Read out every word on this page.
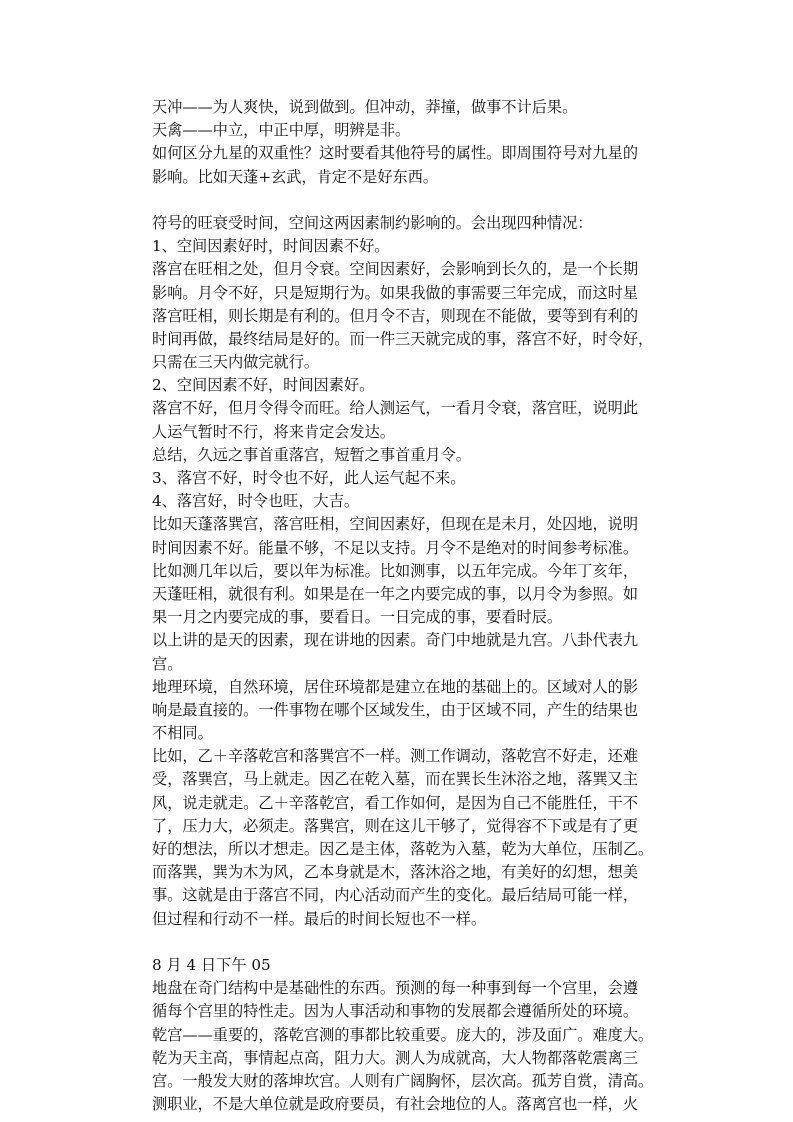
天冲——为人爽快，说到做到。但冲动，莽撞，做事不计后果。

天禽——中立，中正中厚，明辨是非。

如何区分九星的双重性？这时要看其他符号的属性。即周围符号对九星的

影响。比如天蓬+玄武，肯定不是好东西。

符号的旺衰受时间，空间这两因素制约影响的。会出现四种情况：

1、空间因素好时，时间因素不好。

落宫在旺相之处，但月令衰。空间因素好，会影响到长久的，是一个长期

影响。月令不好，只是短期行为。如果我做的事需要三年完成，而这时星

落宫旺相，则长期是有利的。但月令不吉，则现在不能做，要等到有利的

时间再做，最终结局是好的。而一件三天就完成的事，落宫不好，时令好，

只需在三天内做完就行。

2、空间因素不好，时间因素好。

落宫不好，但月令得令而旺。给人测运气，一看月令衰，落宫旺，说明此

人运气暂时不行，将来肯定会发达。

总结，久远之事首重落宫，短暂之事首重月令。

3、落宫不好，时令也不好，此人运气起不来。

4、落宫好，时令也旺，大吉。

比如天蓬落巽宫，落宫旺相，空间因素好，但现在是未月，处囚地，说明

时间因素不好。能量不够，不足以支持。月令不是绝对的时间参考标准。

比如测几年以后，要以年为标准。比如测事，以五年完成。今年丁亥年，

天蓬旺相，就很有利。如果是在一年之内要完成的事，以月令为参照。如

果一月之内要完成的事，要看日。一日完成的事，要看时辰。

以上讲的是天的因素，现在讲地的因素。奇门中地就是九宫。八卦代表九

宫。

地理环境，自然环境，居住环境都是建立在地的基础上的。区域对人的影

响是最直接的。一件事物在哪个区域发生，由于区域不同，产生的结果也

不相同。

比如，乙＋辛落乾宫和落巽宫不一样。测工作调动，落乾宫不好走，还难

受，落巽宫，马上就走。因乙在乾入墓，而在巽长生沐浴之地，落巽又主

风，说走就走。乙＋辛落乾宫，看工作如何，是因为自己不能胜任，干不

了，压力大，必须走。落巽宫，则在这儿干够了，觉得容不下或是有了更

好的想法，所以才想走。因乙是主体，落乾为入墓，乾为大单位，压制乙。

而落巽，巽为木为风，乙本身就是木，落沐浴之地，有美好的幻想，想美

事。这就是由于落宫不同，内心活动而产生的变化。最后结局可能一样，

但过程和行动不一样。最后的时间长短也不一样。

8 月 4 日下午 05

地盘在奇门结构中是基础性的东西。预测的每一种事到每一个宫里，会遵

循每个宫里的特性走。因为人事活动和事物的发展都会遵循所处的环境。

乾宫——重要的，落乾宫测的事都比较重要。庞大的，涉及面广。难度大。

乾为天主高，事情起点高，阻力大。测人为成就高，大人物都落乾震离三

宫。一般发大财的落坤坎宫。人则有广阔胸怀，层次高。孤芳自赏，清高。

测职业，不是大单位就是政府要员，有社会地位的人。落离宫也一样，火
